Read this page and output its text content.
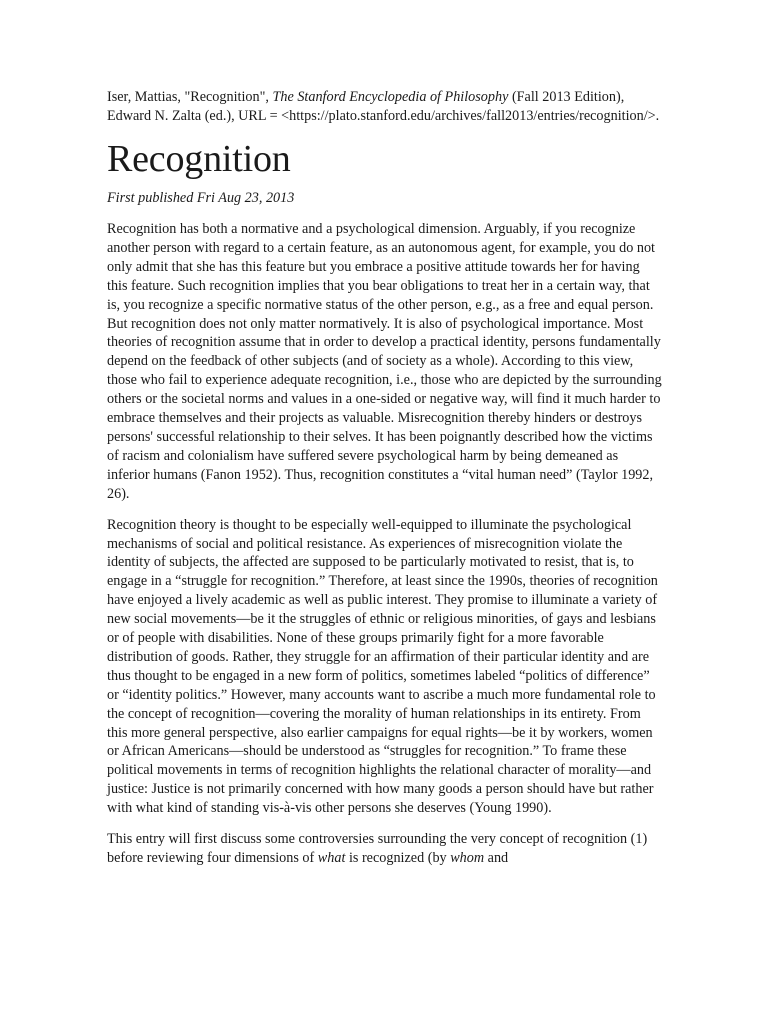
Iser, Mattias, "Recognition", The Stanford Encyclopedia of Philosophy (Fall 2013 Edition), Edward N. Zalta (ed.), URL = <https://plato.stanford.edu/archives/fall2013/entries/recognition/>.

Recognition

First published Fri Aug 23, 2013

Recognition has both a normative and a psychological dimension. Arguably, if you recognize another person with regard to a certain feature, as an autonomous agent, for example, you do not only admit that she has this feature but you embrace a positive attitude towards her for having this feature. Such recognition implies that you bear obligations to treat her in a certain way, that is, you recognize a specific normative status of the other person, e.g., as a free and equal person. But recognition does not only matter normatively. It is also of psychological importance. Most theories of recognition assume that in order to develop a practical identity, persons fundamentally depend on the feedback of other subjects (and of society as a whole). According to this view, those who fail to experience adequate recognition, i.e., those who are depicted by the surrounding others or the societal norms and values in a one-sided or negative way, will find it much harder to embrace themselves and their projects as valuable. Misrecognition thereby hinders or destroys persons' successful relationship to their selves. It has been poignantly described how the victims of racism and colonialism have suffered severe psychological harm by being demeaned as inferior humans (Fanon 1952). Thus, recognition constitutes a “vital human need” (Taylor 1992, 26).

Recognition theory is thought to be especially well-equipped to illuminate the psychological mechanisms of social and political resistance. As experiences of misrecognition violate the identity of subjects, the affected are supposed to be particularly motivated to resist, that is, to engage in a “struggle for recognition.” Therefore, at least since the 1990s, theories of recognition have enjoyed a lively academic as well as public interest. They promise to illuminate a variety of new social movements—be it the struggles of ethnic or religious minorities, of gays and lesbians or of people with disabilities. None of these groups primarily fight for a more favorable distribution of goods. Rather, they struggle for an affirmation of their particular identity and are thus thought to be engaged in a new form of politics, sometimes labeled “politics of difference” or “identity politics.” However, many accounts want to ascribe a much more fundamental role to the concept of recognition—covering the morality of human relationships in its entirety. From this more general perspective, also earlier campaigns for equal rights—be it by workers, women or African Americans—should be understood as “struggles for recognition.” To frame these political movements in terms of recognition highlights the relational character of morality—and justice: Justice is not primarily concerned with how many goods a person should have but rather with what kind of standing vis-à-vis other persons she deserves (Young 1990).

This entry will first discuss some controversies surrounding the very concept of recognition (1) before reviewing four dimensions of what is recognized (by whom and
